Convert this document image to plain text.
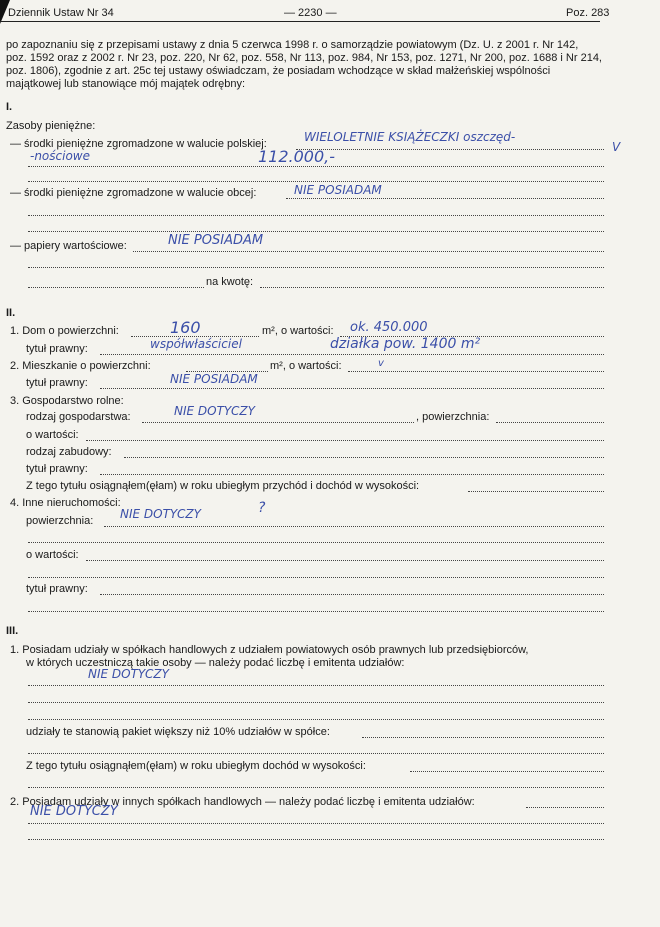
Dziennik Ustaw Nr 34	— 2230 —	Poz. 283
po zapoznaniu się z przepisami ustawy z dnia 5 czerwca 1998 r. o samorządzie powiatowym (Dz. U. z 2001 r. Nr 142, poz. 1592 oraz z 2002 r. Nr 23, poz. 220, Nr 62, poz. 558, Nr 113, poz. 984, Nr 153, poz. 1271, Nr 200, poz. 1688 i Nr 214, poz. 1806), zgodnie z art. 25c tej ustawy oświadczam, że posiadam wchodzące w skład małżeńskiej wspólności majątkowej lub stanowiące mój majątek odrębny:
I.
Zasoby pieniężne:
— środki pieniężne zgromadzone w walucie polskiej:	WIELOLETNIE KSIĄŻECZKI oszczęd-
V
-nościowe	112.000,-
— środki pieniężne zgromadzone w walucie obcej:	NIE POSIADAM
— papiery wartościowe:	NIE POSIADAM
na kwotę:
II.
1. Dom o powierzchni:	160	m², o wartości: ok. 450.000
tytuł prawny:	współwłaściciel	działka pow. 1400 m²
2. Mieszkanie o powierzchni:	m², o wartości:	v
tytuł prawny:	NIE POSIADAM
3. Gospodarstwo rolne:
rodzaj gospodarstwa:	NIE DOTYCZY	, powierzchnia:
o wartości:
rodzaj zabudowy:
tytuł prawny:
Z tego tytułu osiągnąłem(ęłam) w roku ubiegłym przychód i dochód w wysokości:
4. Inne nieruchomości:
powierzchnia: NIE DOTYCZY	?
o wartości:
tytuł prawny:
III.
1. Posiadam udziały w spółkach handlowych z udziałem powiatowych osób prawnych lub przedsiębiorców,
w których uczestniczą takie osoby — należy podać liczbę i emitenta udziałów:
NIE DOTYCZY
udziały te stanowią pakiet większy niż 10% udziałów w spółce:
Z tego tytułu osiągnąłem(ęłam) w roku ubiegłym dochód w wysokości:
2. Posiadam udziały w innych spółkach handlowych — należy podać liczbę i emitenta udziałów:
NIE DOTYCZY
